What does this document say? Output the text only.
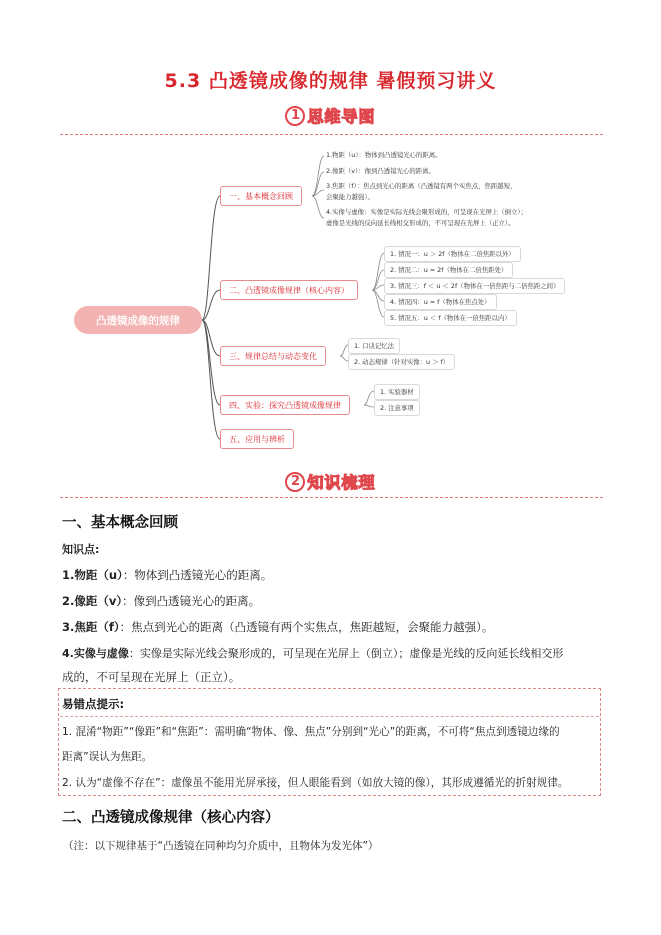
5.3 凸透镜成像的规律 暑假预习讲义
1 思维导图
凸透镜成像的规律
一、基本概念回顾
二、凸透镜成像规律（核心内容）
三、规律总结与动态变化
四、实验：探究凸透镜成像规律
五、应用与辨析
1.物距（u）：物体到凸透镜光心的距离。
2.像距（v）：像到凸透镜光心的距离。
3.焦距（f）：焦点到光心的距离（凸透镜有两个实焦点，焦距越短，
会聚能力越强）。
4.实像与虚像：实像是实际光线会聚形成的，可呈现在光屏上（倒立）；
虚像是光线的反向延长线相交形成的，不可呈现在光屏上（正立）。
1. 情况一：u ＞ 2f（物体在二倍焦距以外）
2. 情况二：u = 2f（物体在二倍焦距处）
3. 情况三：f ＜ u ＜ 2f（物体在一倍焦距与二倍焦距之间）
4. 情况四：u = f（物体在焦点处）
5. 情况五：u ＜ f（物体在一倍焦距以内）
1. 口诀记忆法
2. 动态规律（针对实像：u ＞ f）
1. 实验器材
2. 注意事项
2 知识梳理
一、基本概念回顾
知识点:
1.物距（u）：物体到凸透镜光心的距离。
2.像距（v）：像到凸透镜光心的距离。
3.焦距（f）：焦点到光心的距离（凸透镜有两个实焦点，焦距越短，会聚能力越强）。
4.实像与虚像：实像是实际光线会聚形成的，可呈现在光屏上（倒立）；虚像是光线的反向延长线相交形
成的，不可呈现在光屏上（正立）。
易错点提示:
1. 混淆“物距”“像距”和“焦距”：需明确“物体、像、焦点”分别到“光心”的距离，不可将“焦点到透镜边缘的
距离”误认为焦距。
2. 认为“虚像不存在”：虚像虽不能用光屏承接，但人眼能看到（如放大镜的像），其形成遵循光的折射规律。
二、凸透镜成像规律（核心内容）
（注：以下规律基于“凸透镜在同种均匀介质中，且物体为发光体”）
